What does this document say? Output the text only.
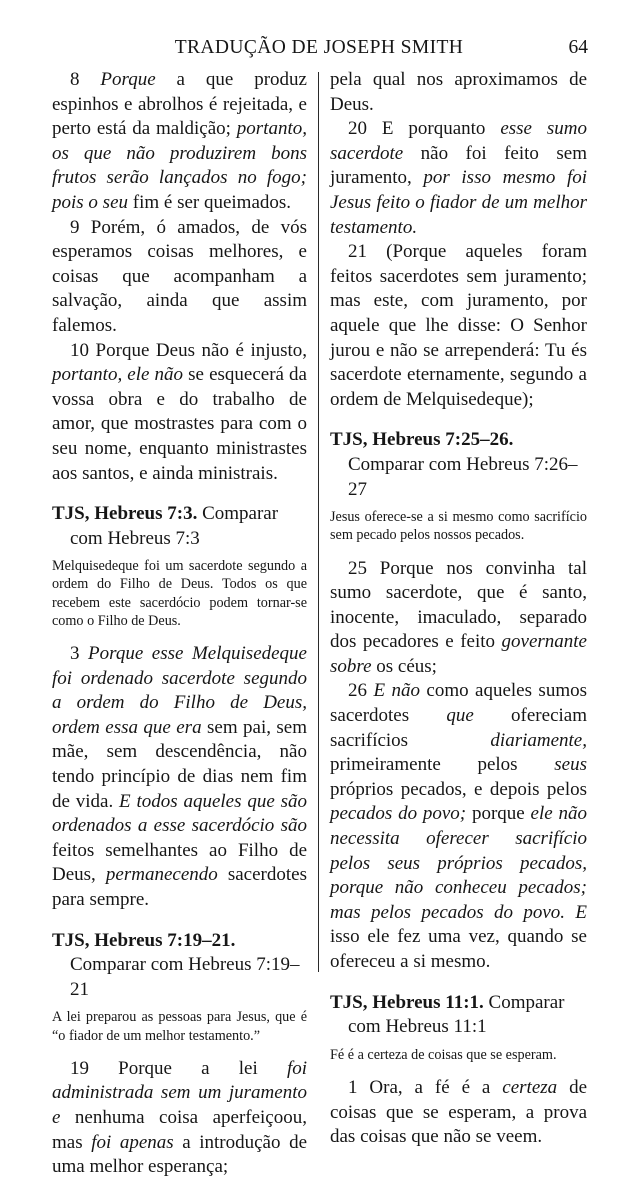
TRADUÇÃO DE JOSEPH SMITH	64

8 Porque a que produz espinhos e abrolhos é rejeitada, e perto está da maldição; portanto, os que não produzirem bons frutos serão lançados no fogo; pois o seu fim é ser queimados.

9 Porém, ó amados, de vós esperamos coisas melhores, e coisas que acompanham a salvação, ainda que assim falemos.

10 Porque Deus não é injusto, portanto, ele não se esquecerá da vossa obra e do trabalho de amor, que mostrastes para com o seu nome, enquanto ministrastes aos santos, e ainda ministrais.

TJS, Hebreus 7:3. Comparar com Hebreus 7:3
Melquisedeque foi um sacerdote segundo a ordem do Filho de Deus. Todos os que recebem este sacerdócio podem tornar-se como o Filho de Deus.

3 Porque esse Melquisedeque foi ordenado sacerdote segundo a ordem do Filho de Deus, ordem essa que era sem pai, sem mãe, sem descendência, não tendo princípio de dias nem fim de vida. E todos aqueles que são ordenados a esse sacerdócio são feitos semelhantes ao Filho de Deus, permanecendo sacerdotes para sempre.

TJS, Hebreus 7:19–21. Comparar com Hebreus 7:19–21
A lei preparou as pessoas para Jesus, que é “o fiador de um melhor testamento.”

19 Porque a lei foi administrada sem um juramento e nenhuma coisa aperfeiçoou, mas foi apenas a introdução de uma melhor esperança;

pela qual nos aproximamos de Deus.

20 E porquanto esse sumo sacerdote não foi feito sem juramento, por isso mesmo foi Jesus feito o fiador de um melhor testamento.

21 (Porque aqueles foram feitos sacerdotes sem juramento; mas este, com juramento, por aquele que lhe disse: O Senhor jurou e não se arrependerá: Tu és sacerdote eternamente, segundo a ordem de Melquisedeque);

TJS, Hebreus 7:25–26. Comparar com Hebreus 7:26–27
Jesus oferece-se a si mesmo como sacrifício sem pecado pelos nossos pecados.

25 Porque nos convinha tal sumo sacerdote, que é santo, inocente, imaculado, separado dos pecadores e feito governante sobre os céus;

26 E não como aqueles sumos sacerdotes que ofereciam sacrifícios diariamente, primeiramente pelos seus próprios pecados, e depois pelos pecados do povo; porque ele não necessita oferecer sacrifício pelos seus próprios pecados, porque não conheceu pecados; mas pelos pecados do povo. E isso ele fez uma vez, quando se ofereceu a si mesmo.

TJS, Hebreus 11:1. Comparar com Hebreus 11:1
Fé é a certeza de coisas que se esperam.

1 Ora, a fé é a certeza de coisas que se esperam, a prova das coisas que não se veem.
